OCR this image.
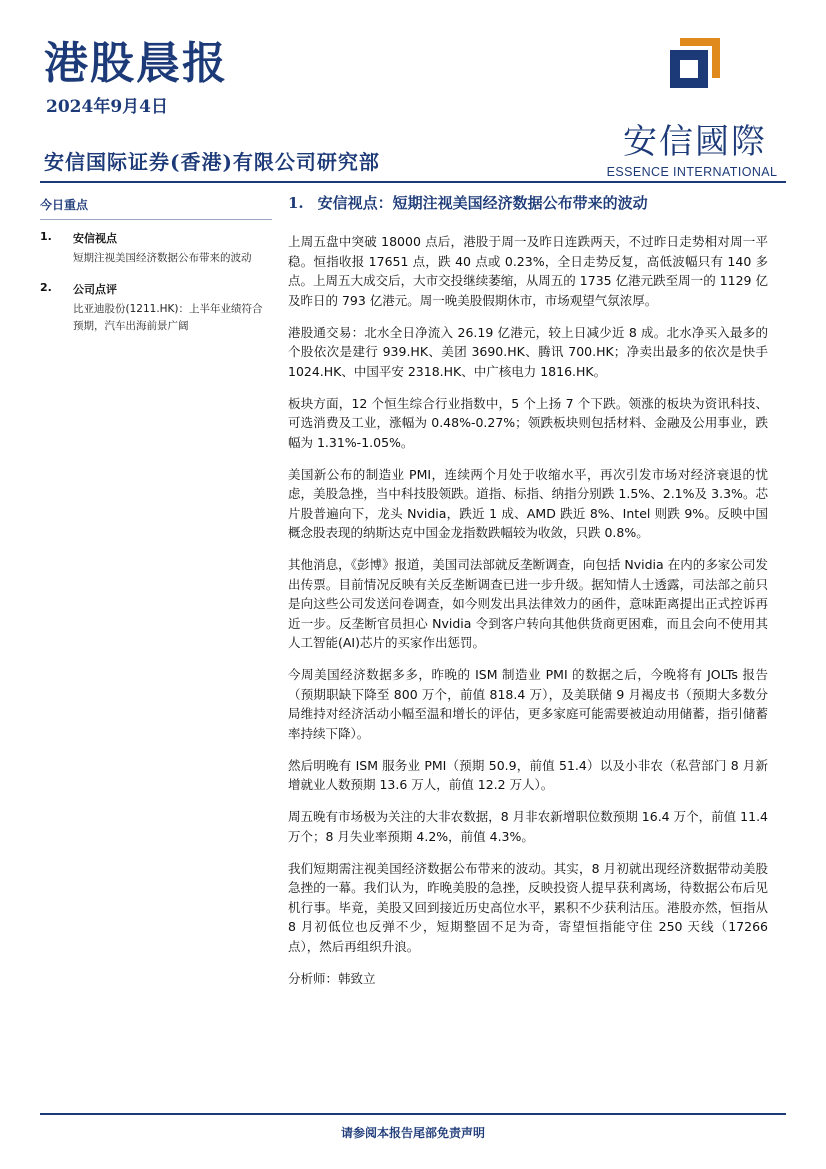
港股晨报
2024年9月4日
安信国际证券(香港)有限公司研究部	安信國際
ESSENCE INTERNATIONAL
今日重点
1.	安信视点
短期注视美国经济数据公布带来的波动
2.	公司点评
比亚迪股份(1211.HK)：上半年业绩符合预期，汽车出海前景广阔
1. 安信视点：短期注视美国经济数据公布带来的波动

上周五盘中突破 18000 点后，港股于周一及昨日连跌两天，不过昨日走势相对周一平稳。恒指收报 17651 点，跌 40 点或 0.23%，全日走势反复，高低波幅只有 140 多点。上周五大成交后，大市交投继续萎缩，从周五的 1735 亿港元跌至周一的 1129 亿及昨日的 793 亿港元。周一晚美股假期休市，市场观望气氛浓厚。

港股通交易：北水全日净流入 26.19 亿港元，较上日减少近 8 成。北水净买入最多的个股依次是建行 939.HK、美团 3690.HK、腾讯 700.HK；净卖出最多的依次是快手 1024.HK、中国平安 2318.HK、中广核电力 1816.HK。

板块方面，12 个恒生综合行业指数中，5 个上扬 7 个下跌。领涨的板块为资讯科技、可选消费及工业，涨幅为 0.48%-0.27%；领跌板块则包括材料、金融及公用事业，跌幅为 1.31%-1.05%。

美国新公布的制造业 PMI，连续两个月处于收缩水平，再次引发市场对经济衰退的忧虑，美股急挫，当中科技股领跌。道指、标指、纳指分别跌 1.5%、2.1%及 3.3%。芯片股普遍向下，龙头 Nvidia，跌近 1 成、AMD 跌近 8%、Intel 则跌 9%。反映中国概念股表现的纳斯达克中国金龙指数跌幅较为收敛，只跌 0.8%。

其他消息，《彭博》报道，美国司法部就反垄断调查，向包括 Nvidia 在内的多家公司发出传票。目前情况反映有关反垄断调查已进一步升级。据知情人士透露，司法部之前只是向这些公司发送问卷调查，如今则发出具法律效力的函件，意味距离提出正式控诉再近一步。反垄断官员担心 Nvidia 令到客户转向其他供货商更困难，而且会向不使用其人工智能(AI)芯片的买家作出惩罚。

今周美国经济数据多多，昨晚的 ISM 制造业 PMI 的数据之后，今晚将有 JOLTs 报告（预期职缺下降至 800 万个，前值 818.4 万），及美联储 9 月褐皮书（预期大多数分局维持对经济活动小幅至温和增长的评估，更多家庭可能需要被迫动用储蓄，指引储蓄率持续下降）。

然后明晚有 ISM 服务业 PMI（预期 50.9，前值 51.4）以及小非农（私营部门 8 月新增就业人数预期 13.6 万人，前值 12.2 万人）。

周五晚有市场极为关注的大非农数据，8 月非农新增职位数预期 16.4 万个，前值 11.4 万个；8 月失业率预期 4.2%，前值 4.3%。

我们短期需注视美国经济数据公布带来的波动。其实，8 月初就出现经济数据带动美股急挫的一幕。我们认为，昨晚美股的急挫，反映投资人提早获利离场，待数据公布后见机行事。毕竟，美股又回到接近历史高位水平，累积不少获利沽压。港股亦然，恒指从 8 月初低位也反弹不少，短期整固不足为奇，寄望恒指能守住 250 天线（17266 点），然后再组织升浪。

分析师：韩致立
请参阅本报告尾部免责声明
